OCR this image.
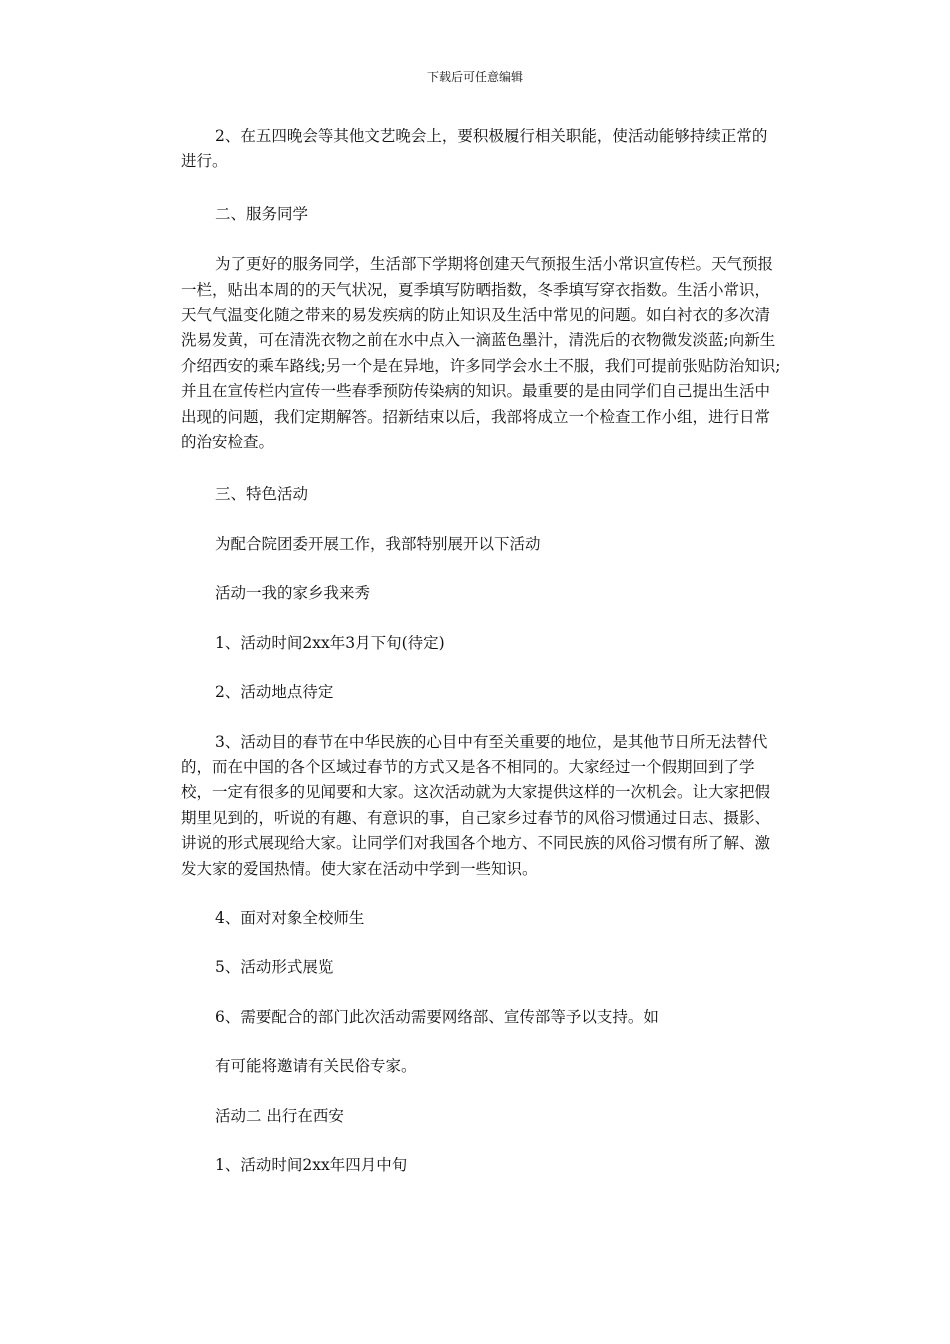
下载后可任意编辑

2、在五四晚会等其他文艺晚会上，要积极履行相关职能，使活动能够持续正常的进行。

二、服务同学

为了更好的服务同学，生活部下学期将创建天气预报生活小常识宣传栏。天气预报一栏，贴出本周的的天气状况，夏季填写防晒指数，冬季填写穿衣指数。生活小常识，天气气温变化随之带来的易发疾病的防止知识及生活中常见的问题。如白衬衣的多次清洗易发黄，可在清洗衣物之前在水中点入一滴蓝色墨汁，清洗后的衣物微发淡蓝;向新生介绍西安的乘车路线;另一个是在异地，许多同学会水土不服，我们可提前张贴防治知识;并且在宣传栏内宣传一些春季预防传染病的知识。最重要的是由同学们自己提出生活中出现的问题，我们定期解答。招新结束以后，我部将成立一个检查工作小组，进行日常的治安检查。

三、特色活动

为配合院团委开展工作，我部特别展开以下活动

活动一我的家乡我来秀

1、活动时间2xx年3月下旬(待定)

2、活动地点待定

3、活动目的春节在中华民族的心目中有至关重要的地位，是其他节日所无法替代的，而在中国的各个区域过春节的方式又是各不相同的。大家经过一个假期回到了学校，一定有很多的见闻要和大家。这次活动就为大家提供这样的一次机会。让大家把假期里见到的，听说的有趣、有意识的事，自己家乡过春节的风俗习惯通过日志、摄影、讲说的形式展现给大家。让同学们对我国各个地方、不同民族的风俗习惯有所了解、激发大家的爱国热情。使大家在活动中学到一些知识。

4、面对对象全校师生

5、活动形式展览

6、需要配合的部门此次活动需要网络部、宣传部等予以支持。如

有可能将邀请有关民俗专家。

活动二 出行在西安

1、活动时间2xx年四月中旬
